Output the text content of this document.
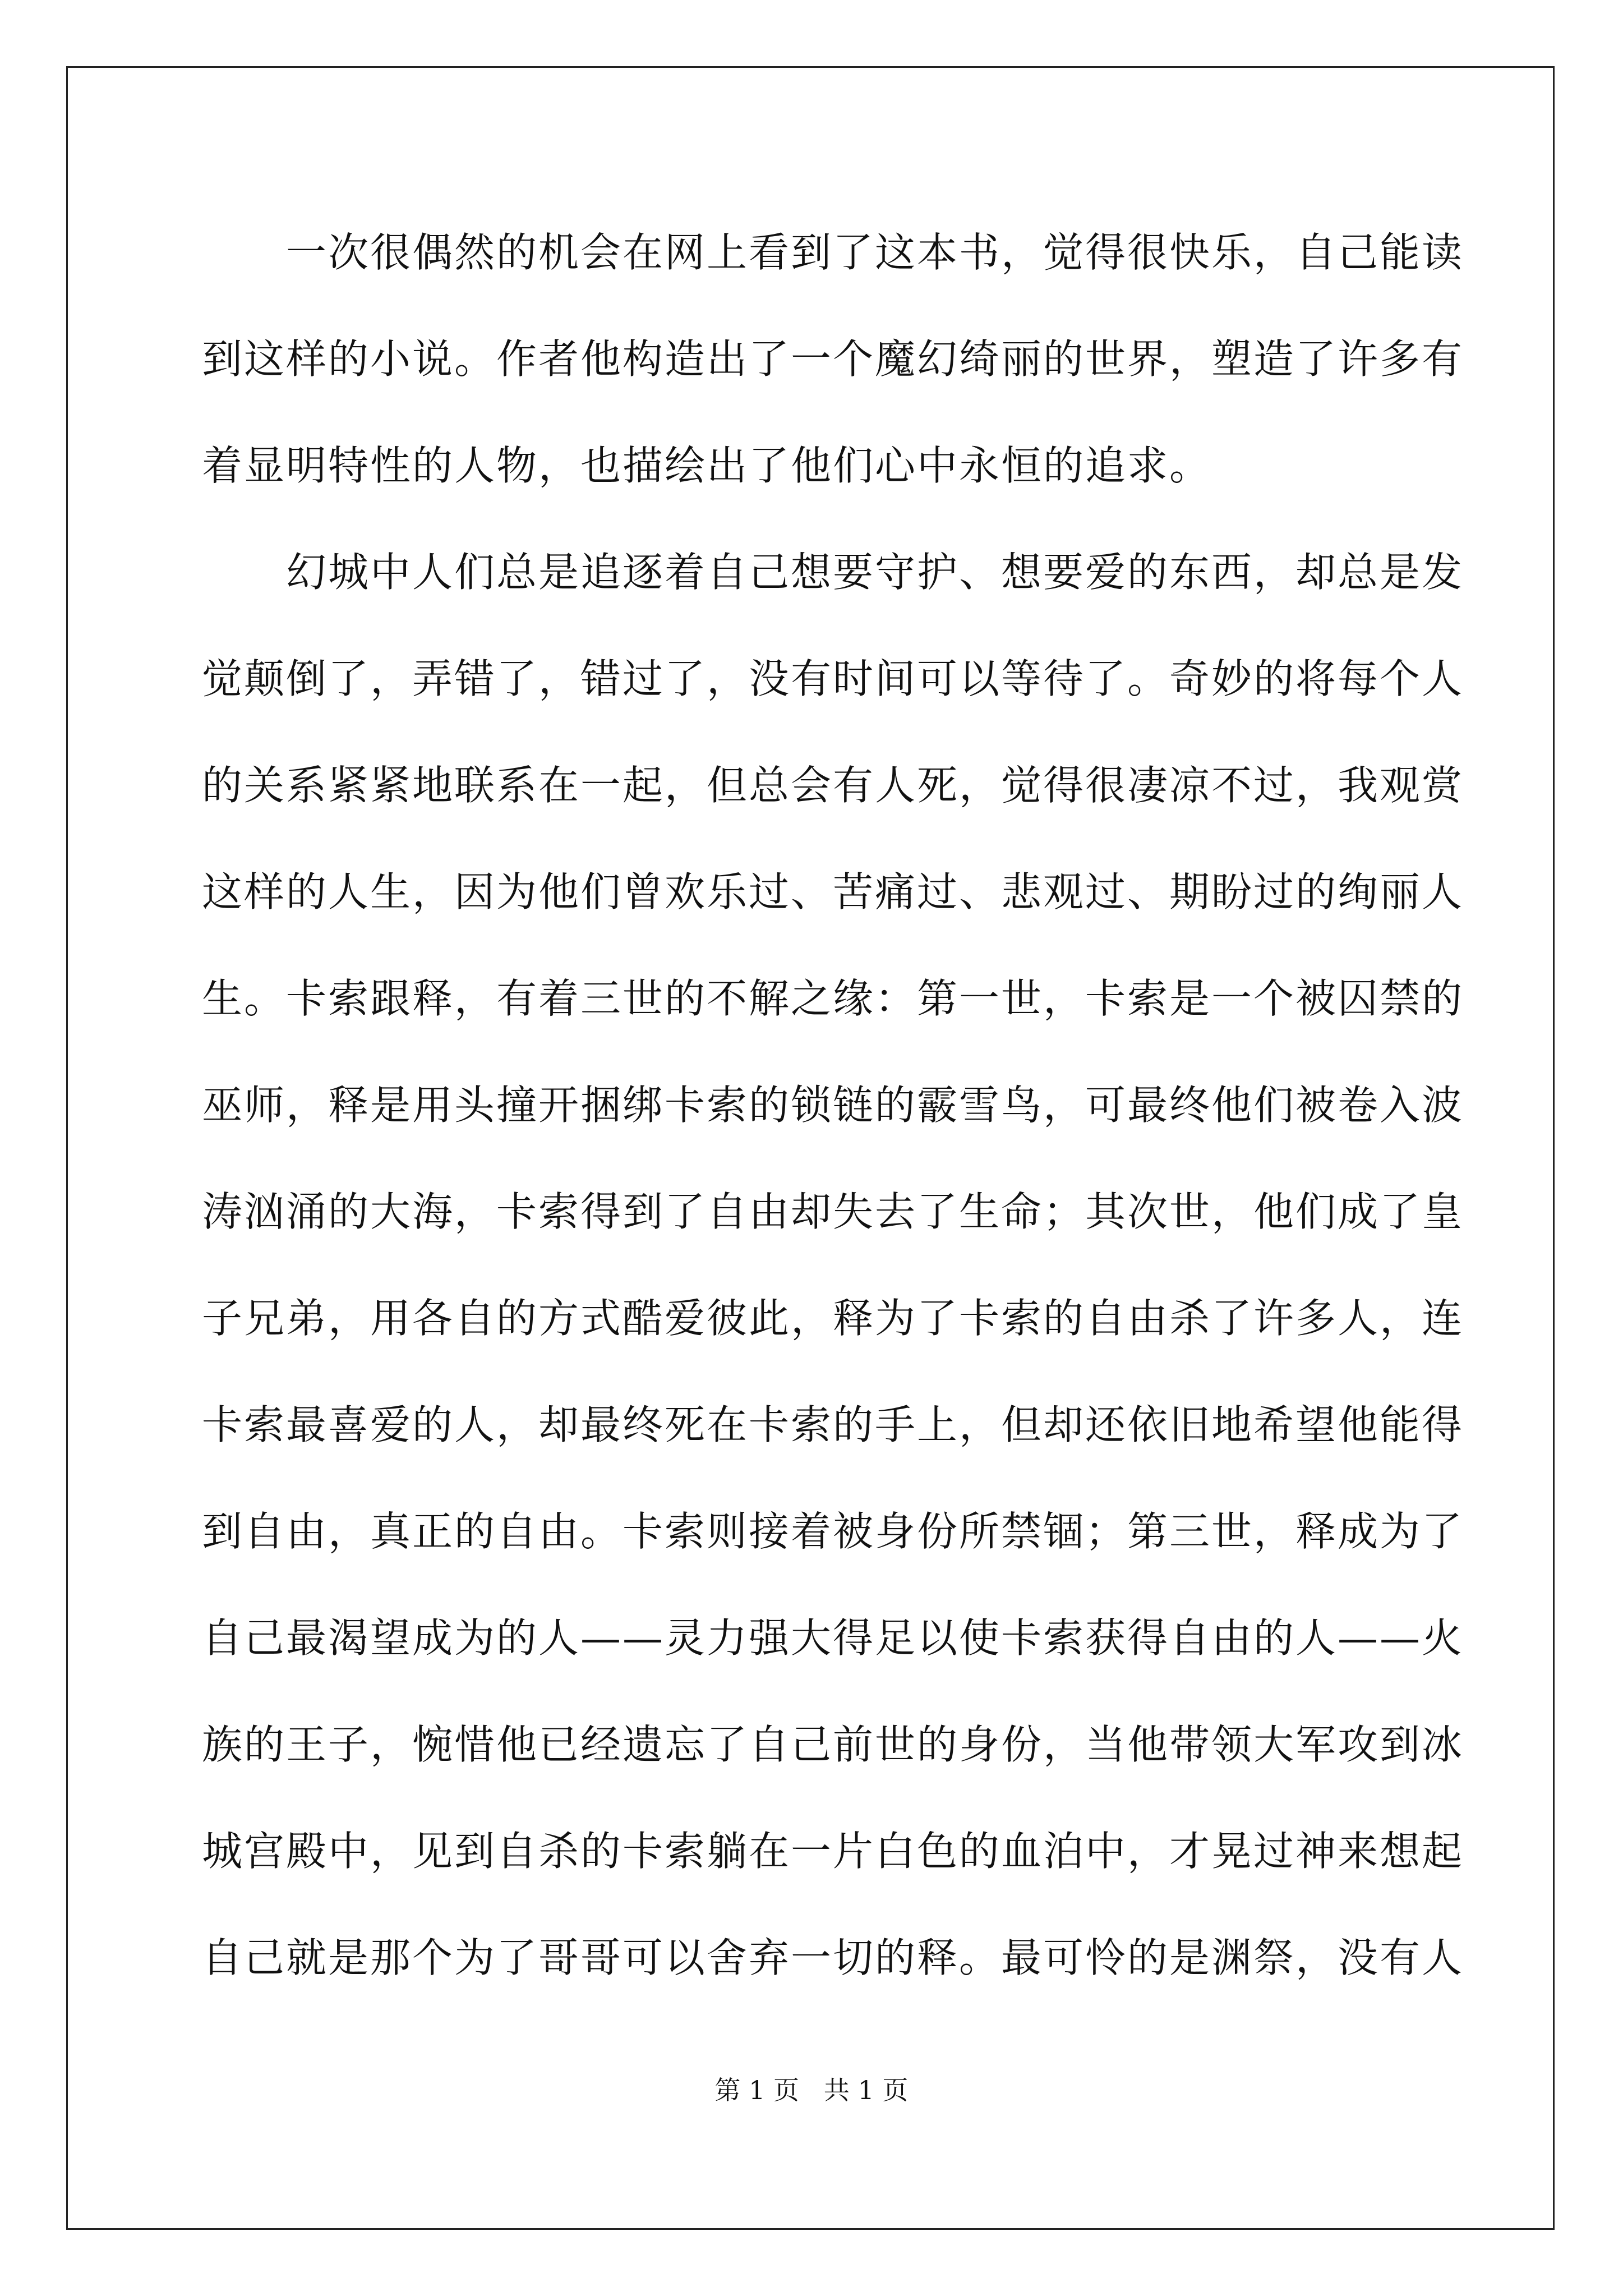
一次很偶然的机会在网上看到了这本书，觉得很快乐，自己能读
到这样的小说。作者他构造出了一个魔幻绮丽的世界，塑造了许多有
着显明特性的人物，也描绘出了他们心中永恒的追求。
幻城中人们总是追逐着自己想要守护、想要爱的东西，却总是发
觉颠倒了，弄错了，错过了，没有时间可以等待了。奇妙的将每个人
的关系紧紧地联系在一起，但总会有人死，觉得很凄凉不过，我观赏
这样的人生，因为他们曾欢乐过、苦痛过、悲观过、期盼过的绚丽人
生。卡索跟释，有着三世的不解之缘：第一世，卡索是一个被囚禁的
巫师，释是用头撞开捆绑卡索的锁链的霰雪鸟，可最终他们被卷入波
涛汹涌的大海，卡索得到了自由却失去了生命；其次世，他们成了皇
子兄弟，用各自的方式酷爱彼此，释为了卡索的自由杀了许多人，连
卡索最喜爱的人，却最终死在卡索的手上，但却还依旧地希望他能得
到自由，真正的自由。卡索则接着被身份所禁锢；第三世，释成为了
自己最渴望成为的人——灵力强大得足以使卡索获得自由的人——火
族的王子，惋惜他已经遗忘了自己前世的身份，当他带领大军攻到冰
城宫殿中，见到自杀的卡索躺在一片白色的血泊中，才晃过神来想起
自己就是那个为了哥哥可以舍弃一切的释。最可怜的是渊祭，没有人
第 1 页   共 1 页
